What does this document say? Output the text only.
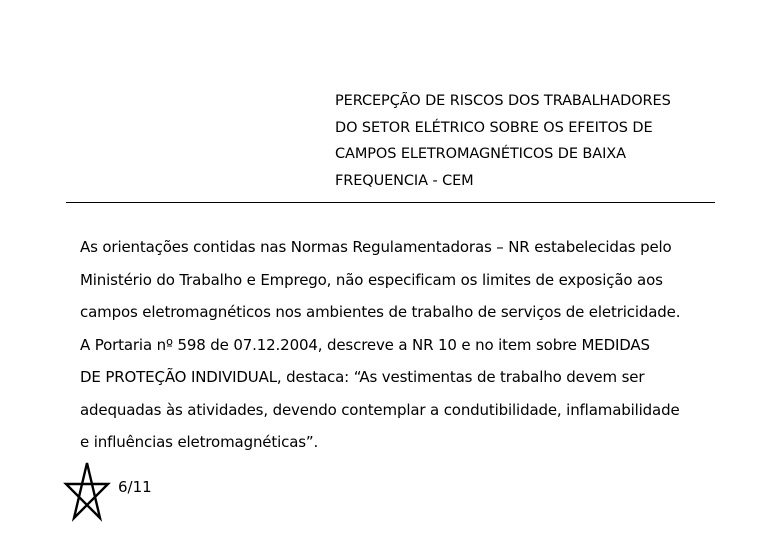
PERCEPÇÃO DE RISCOS DOS TRABALHADORES
DO SETOR ELÉTRICO SOBRE OS EFEITOS DE
CAMPOS ELETROMAGNÉTICOS DE BAIXA
FREQUENCIA - CEM
As orientações contidas nas Normas Regulamentadoras – NR estabelecidas pelo
Ministério do Trabalho e Emprego, não especificam os limites de exposição aos
campos eletromagnéticos nos ambientes de trabalho de serviços de eletricidade.
A Portaria nº 598 de 07.12.2004, descreve a NR 10 e no item sobre MEDIDAS
DE PROTEÇÃO INDIVIDUAL, destaca: “As vestimentas de trabalho devem ser
adequadas às atividades, devendo contemplar a condutibilidade, inflamabilidade
e influências eletromagnéticas”.
6/11
